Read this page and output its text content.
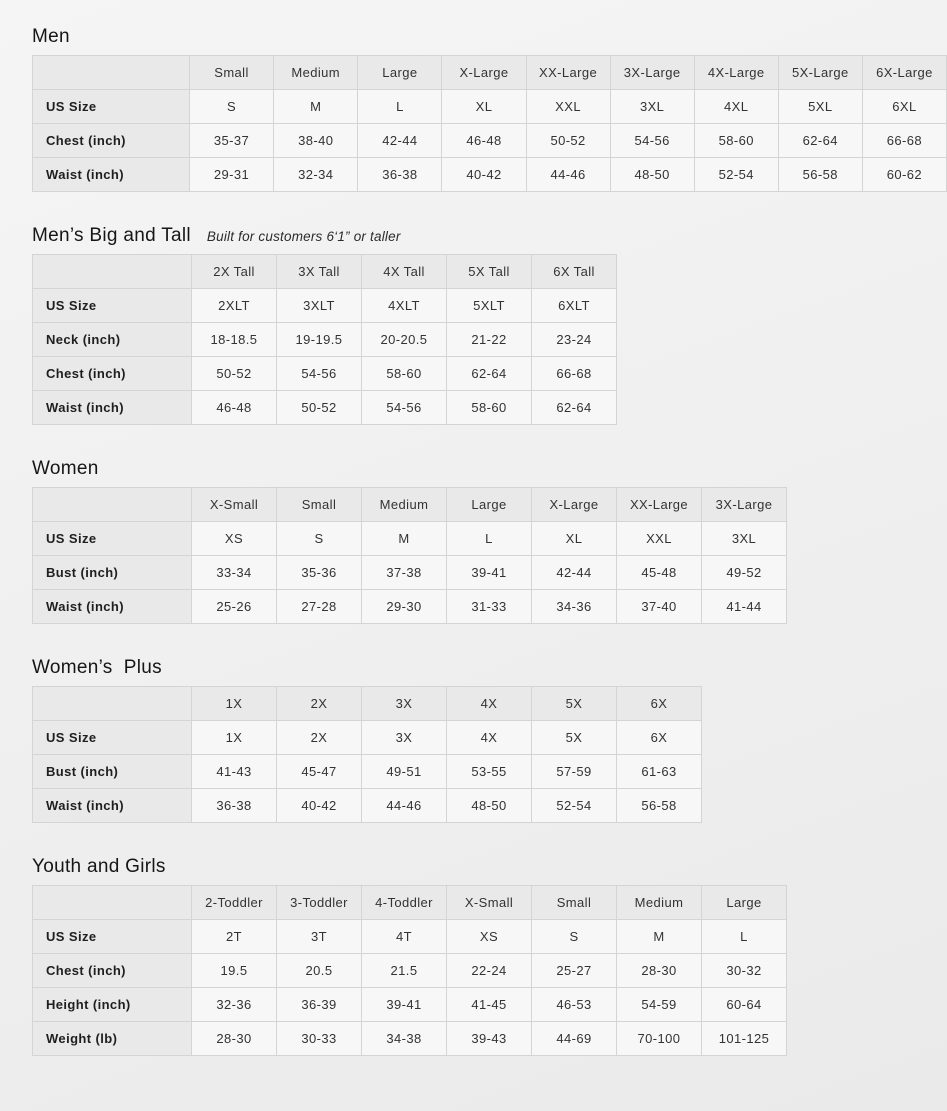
Men
	Small	Medium	Large	X-Large	XX-Large	3X-Large	4X-Large	5X-Large	6X-Large
US Size	S	M	L	XL	XXL	3XL	4XL	5XL	6XL
Chest (inch)	35-37	38-40	42-44	46-48	50-52	54-56	58-60	62-64	66-68
Waist (inch)	29-31	32-34	36-38	40-42	44-46	48-50	52-54	56-58	60-62
Men’s Big and Tall Built for customers 6‘1” or taller
	2X Tall	3X Tall	4X Tall	5X Tall	6X Tall
US Size	2XLT	3XLT	4XLT	5XLT	6XLT
Neck (inch)	18-18.5	19-19.5	20-20.5	21-22	23-24
Chest (inch)	50-52	54-56	58-60	62-64	66-68
Waist (inch)	46-48	50-52	54-56	58-60	62-64
Women
	X-Small	Small	Medium	Large	X-Large	XX-Large	3X-Large
US Size	XS	S	M	L	XL	XXL	3XL
Bust (inch)	33-34	35-36	37-38	39-41	42-44	45-48	49-52
Waist (inch)	25-26	27-28	29-30	31-33	34-36	37-40	41-44
Women’s  Plus
	1X	2X	3X	4X	5X	6X
US Size	1X	2X	3X	4X	5X	6X
Bust (inch)	41-43	45-47	49-51	53-55	57-59	61-63
Waist (inch)	36-38	40-42	44-46	48-50	52-54	56-58
Youth and Girls
	2-Toddler	3-Toddler	4-Toddler	X-Small	Small	Medium	Large
US Size	2T	3T	4T	XS	S	M	L
Chest (inch)	19.5	20.5	21.5	22-24	25-27	28-30	30-32
Height (inch)	32-36	36-39	39-41	41-45	46-53	54-59	60-64
Weight (lb)	28-30	30-33	34-38	39-43	44-69	70-100	101-125
